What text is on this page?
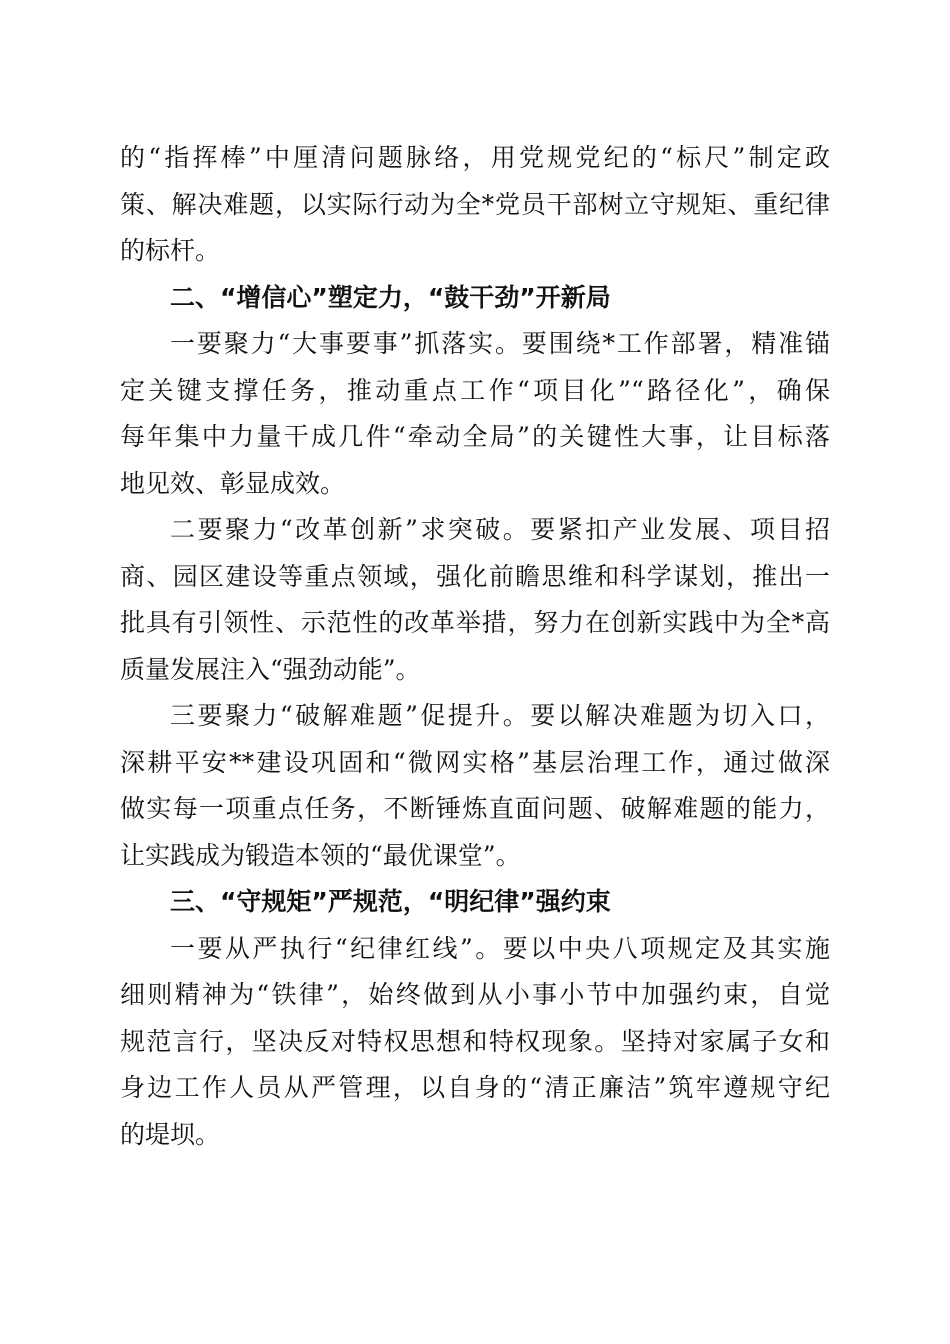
的“指挥棒”中厘清问题脉络，用党规党纪的“标尺”制定政
策、解决难题，以实际行动为全*党员干部树立守规矩、重纪律
的标杆。
二、“增信心”塑定力，“鼓干劲”开新局
一要聚力“大事要事”抓落实。要围绕*工作部署，精准锚
定关键支撑任务，推动重点工作“项目化”“路径化”，确保
每年集中力量干成几件“牵动全局”的关键性大事，让目标落
地见效、彰显成效。
二要聚力“改革创新”求突破。要紧扣产业发展、项目招
商、园区建设等重点领域，强化前瞻思维和科学谋划，推出一
批具有引领性、示范性的改革举措，努力在创新实践中为全*高
质量发展注入“强劲动能”。
三要聚力“破解难题”促提升。要以解决难题为切入口，
深耕平安**建设巩固和“微网实格”基层治理工作，通过做深
做实每一项重点任务，不断锤炼直面问题、破解难题的能力，
让实践成为锻造本领的“最优课堂”。
三、“守规矩”严规范，“明纪律”强约束
一要从严执行“纪律红线”。要以中央八项规定及其实施
细则精神为“铁律”，始终做到从小事小节中加强约束，自觉
规范言行，坚决反对特权思想和特权现象。坚持对家属子女和
身边工作人员从严管理，以自身的“清正廉洁”筑牢遵规守纪
的堤坝。
